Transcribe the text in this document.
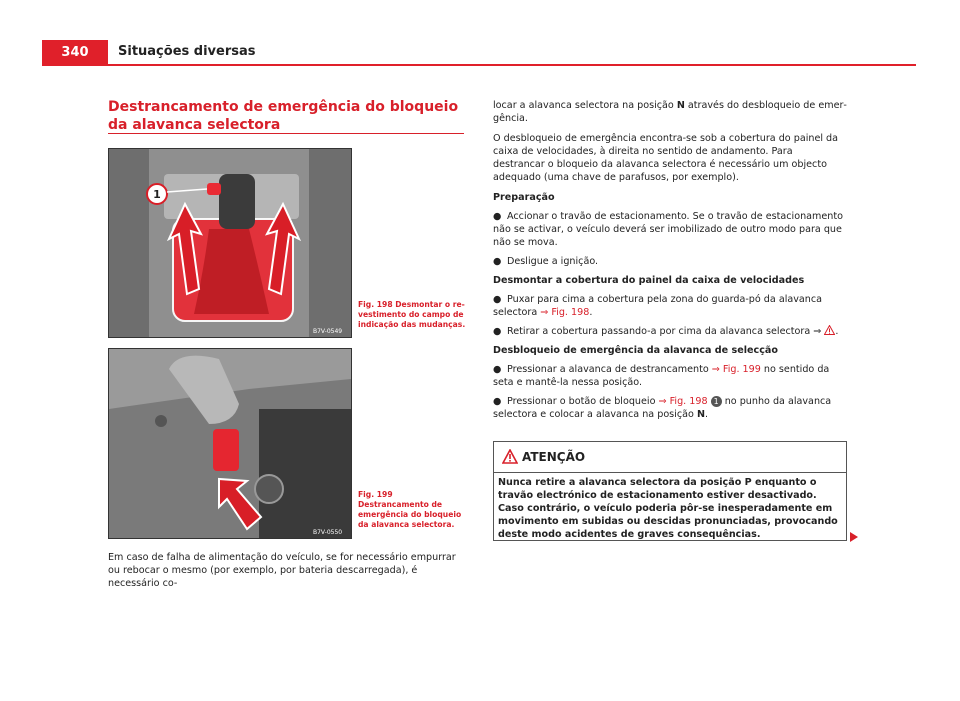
340	Situações diversas
Destrancamento de emergência do bloqueio da alavanca selectora
1
B7V-0549
Fig. 198 Desmontar o revestimento do campo de indicação das mudanças.
B7V-0550
Fig. 199 Destrancamento de emergência do bloqueio da alavanca selectora.
Em caso de falha de alimentação do veículo, se for necessário empurrar ou rebocar o mesmo (por exemplo, por bateria descarregada), é necessário co-
locar a alavanca selectora na posição N através do desbloqueio de emergência.
O desbloqueio de emergência encontra-se sob a cobertura do painel da caixa de velocidades, à direita no sentido de andamento. Para destrancar o bloqueio da alavanca selectora é necessário um objecto adequado (uma chave de parafusos, por exemplo).
Preparação
● Accionar o travão de estacionamento. Se o travão de estacionamento não se activar, o veículo deverá ser imobilizado de outro modo para que não se mova.
● Desligue a ignição.
Desmontar a cobertura do painel da caixa de velocidades
● Puxar para cima a cobertura pela zona do guarda-pó da alavanca selectora ⇒ Fig. 198.
● Retirar a cobertura passando-a por cima da alavanca selectora ⇒ .
Desbloqueio de emergência da alavanca de selecção
● Pressionar a alavanca de destrancamento ⇒ Fig. 199 no sentido da seta e mantê-la nessa posição.
● Pressionar o botão de bloqueio ⇒ Fig. 198 1 no punho da alavanca selectora e colocar a alavanca na posição N.
ATENÇÃO
Nunca retire a alavanca selectora da posição P enquanto o travão electrónico de estacionamento estiver desactivado. Caso contrário, o veículo poderia pôr-se inesperadamente em movimento em subidas ou descidas pronunciadas, provocando deste modo acidentes de graves consequências.
